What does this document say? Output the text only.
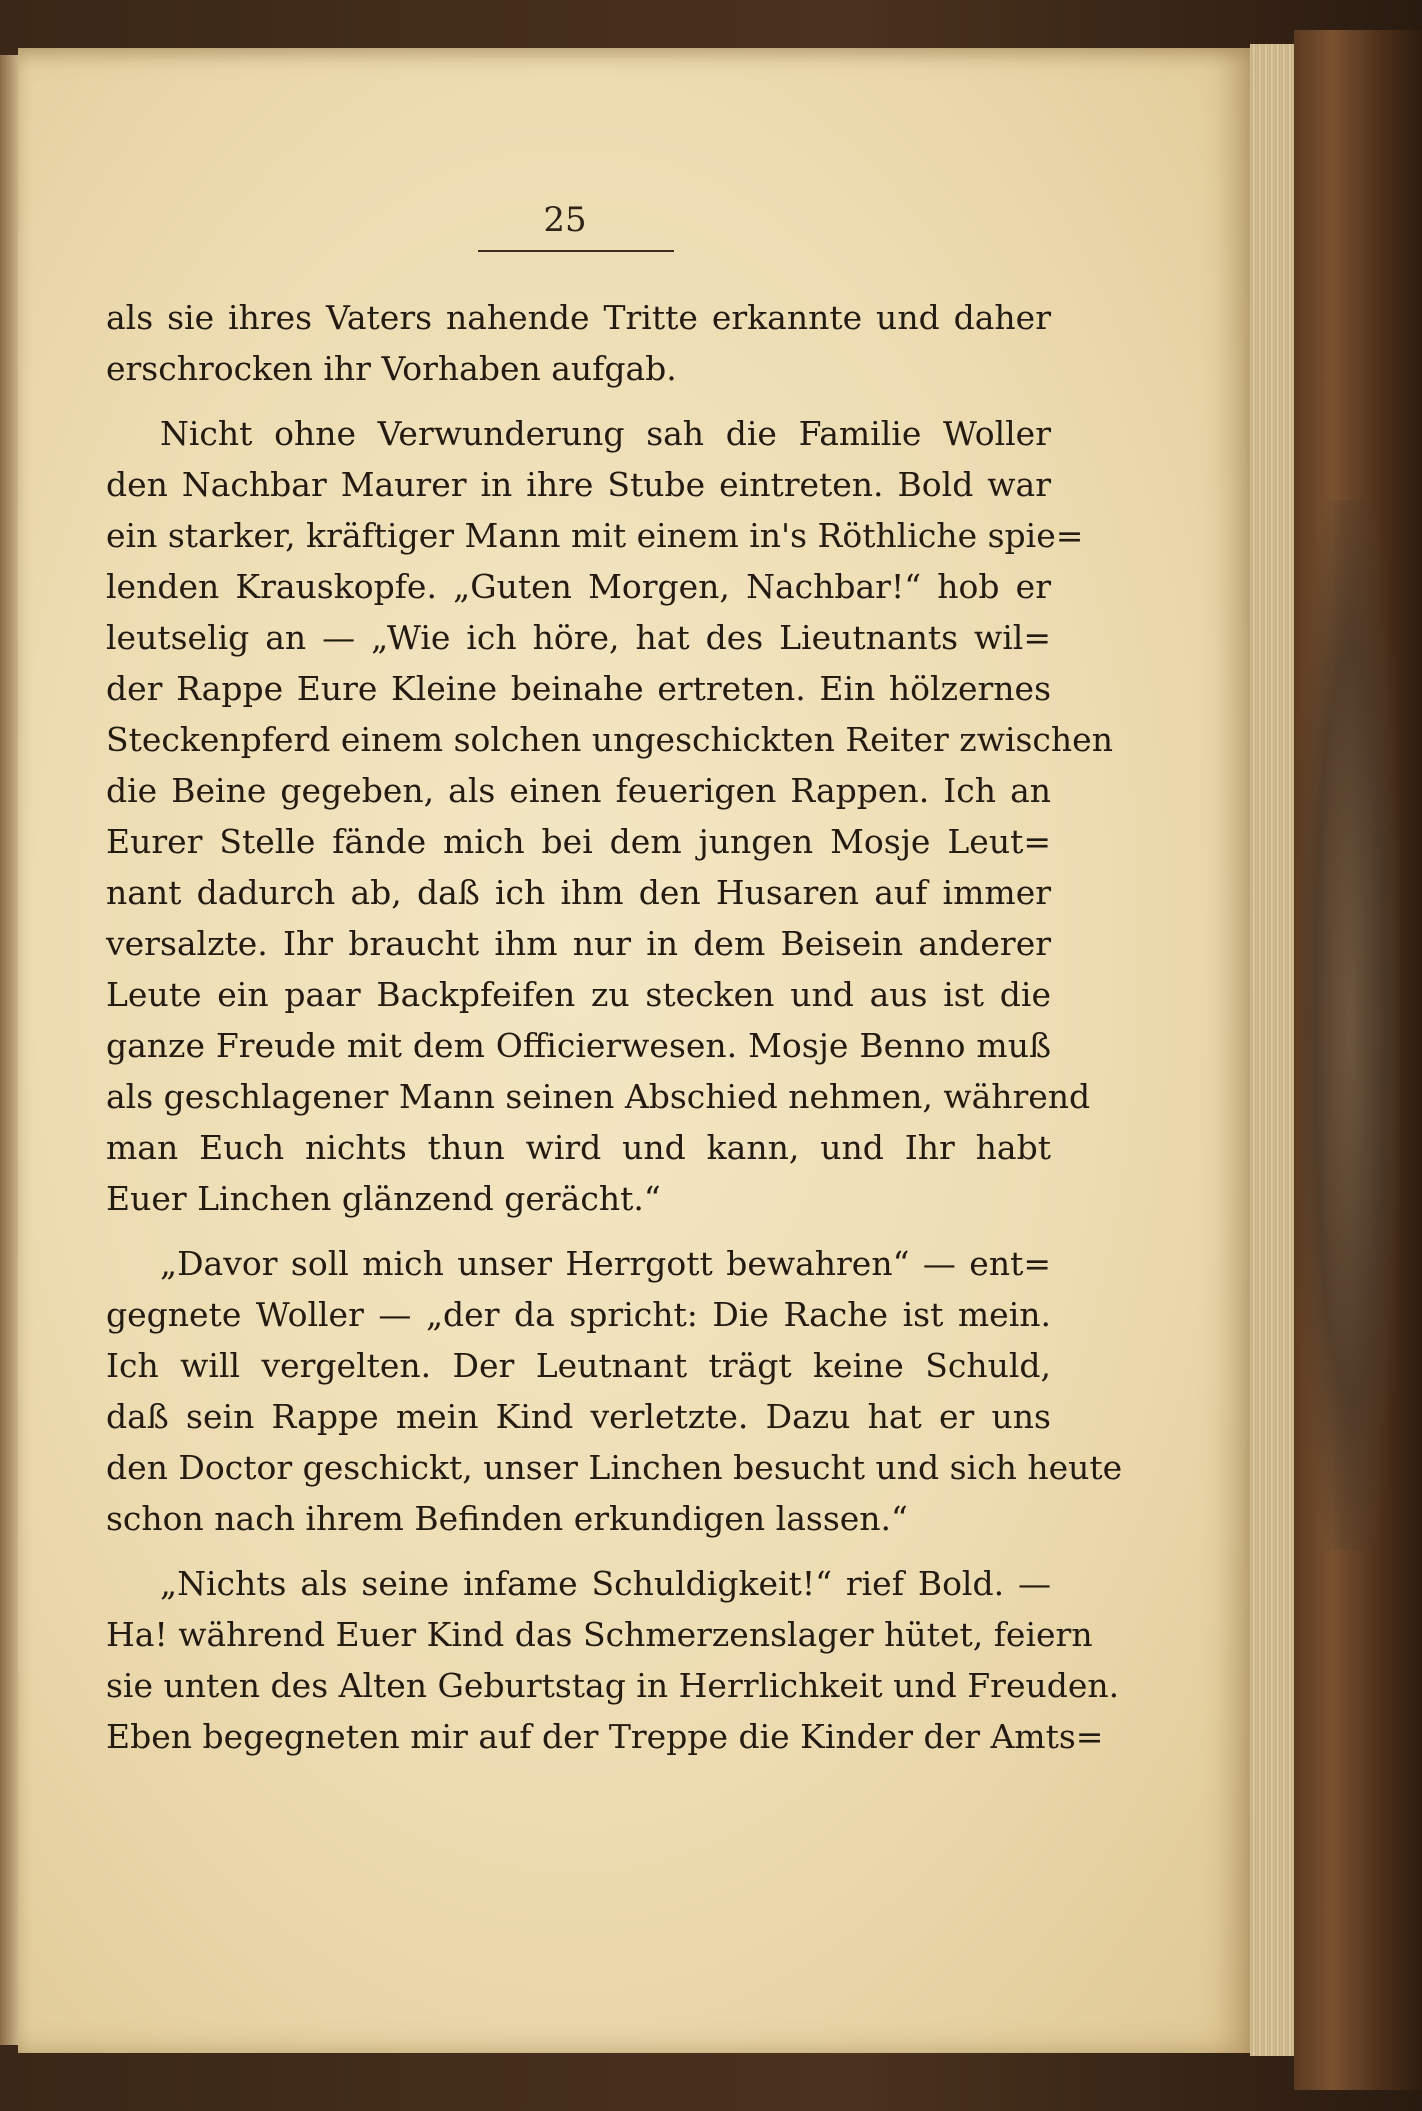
25
als sie ihres Vaters nahende Tritte erkannte und daher
erschrocken ihr Vorhaben aufgab.
Nicht ohne Verwunderung sah die Familie Woller
den Nachbar Maurer in ihre Stube eintreten. Bold war
ein starker, kräftiger Mann mit einem in's Röthliche spie=
lenden Krauskopfe. „Guten Morgen, Nachbar!“ hob er
leutselig an — „Wie ich höre, hat des Lieutnants wil=
der Rappe Eure Kleine beinahe ertreten. Ein hölzernes
Steckenpferd einem solchen ungeschickten Reiter zwischen
die Beine gegeben, als einen feuerigen Rappen. Ich an
Eurer Stelle fände mich bei dem jungen Mosje Leut=
nant dadurch ab, daß ich ihm den Husaren auf immer
versalzte. Ihr braucht ihm nur in dem Beisein anderer
Leute ein paar Backpfeifen zu stecken und aus ist die
ganze Freude mit dem Officierwesen. Mosje Benno muß
als geschlagener Mann seinen Abschied nehmen, während
man Euch nichts thun wird und kann, und Ihr habt
Euer Linchen glänzend gerächt.“
„Davor soll mich unser Herrgott bewahren“ — ent=
gegnete Woller — „der da spricht: Die Rache ist mein.
Ich will vergelten. Der Leutnant trägt keine Schuld,
daß sein Rappe mein Kind verletzte. Dazu hat er uns
den Doctor geschickt, unser Linchen besucht und sich heute
schon nach ihrem Befinden erkundigen lassen.“
„Nichts als seine infame Schuldigkeit!“ rief Bold. —
Ha! während Euer Kind das Schmerzenslager hütet, feiern
sie unten des Alten Geburtstag in Herrlichkeit und Freuden.
Eben begegneten mir auf der Treppe die Kinder der Amts=
